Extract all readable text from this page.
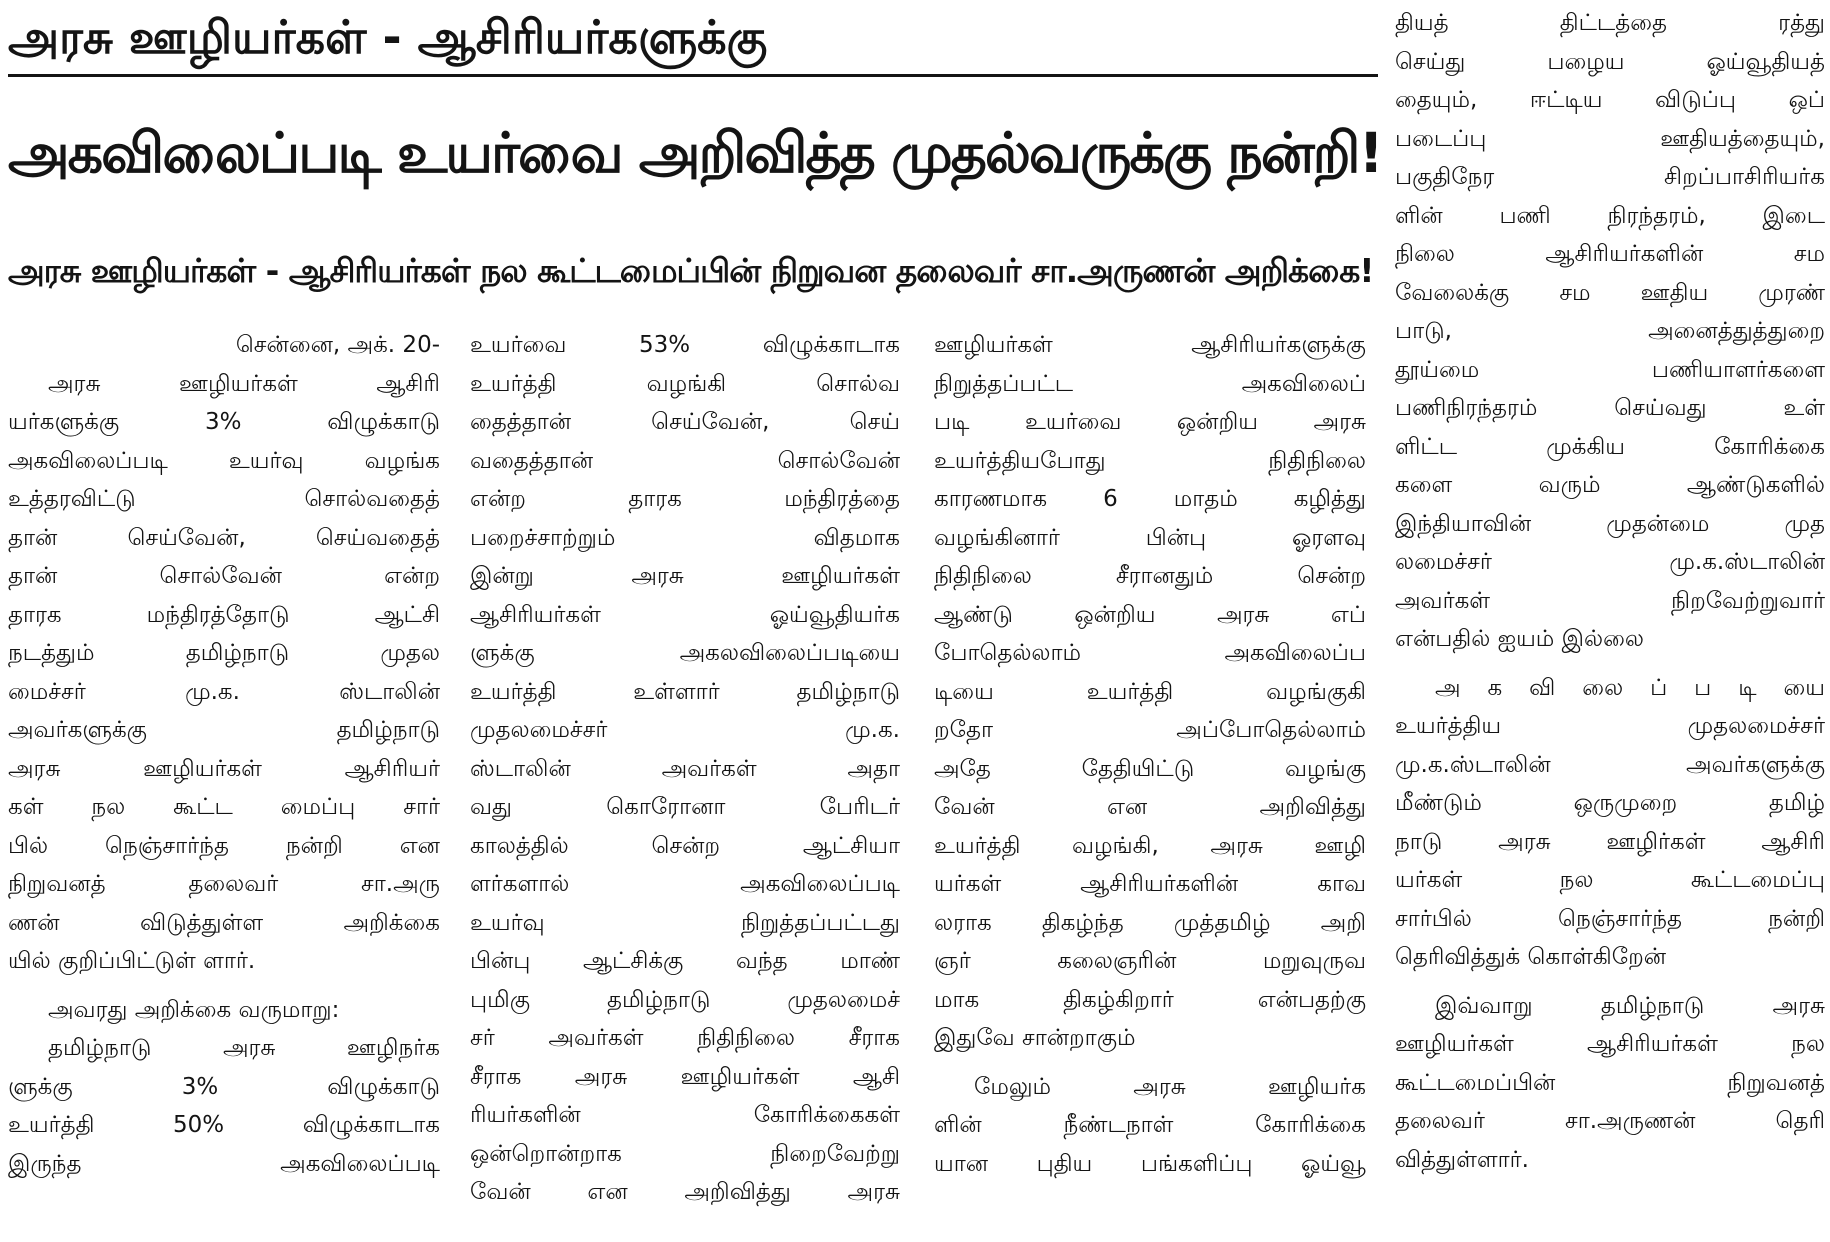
அரசு ஊழியர்கள் - ஆசிரியர்களுக்கு
அகவிலைப்படி உயர்வை அறிவித்த முதல்வருக்கு நன்றி!
அரசு ஊழியர்கள் - ஆசிரியர்கள் நல கூட்டமைப்பின் நிறுவன தலைவர் சா.அருணன் அறிக்கை!
சென்னை, அக். 20-
அரசு ஊழியர்கள் ஆசிரி
யர்களுக்கு 3% விழுக்காடு
அகவிலைப்படி உயர்வு வழங்க
உத்தரவிட்டு சொல்வதைத்
தான் செய்வேன், செய்வதைத்
தான் சொல்வேன் என்ற
தாரக மந்திரத்தோடு ஆட்சி
நடத்தும் தமிழ்நாடு முதல
மைச்சர் மு.க. ஸ்டாலின்
அவர்களுக்கு தமிழ்நாடு
அரசு ஊழியர்கள் ஆசிரியர்
கள் நல கூட்ட மைப்பு சார்
பில் நெஞ்சார்ந்த நன்றி என
நிறுவனத் தலைவர் சா.அரு
ணன் விடுத்துள்ள அறிக்கை
யில் குறிப்பிட்டுள் ளார்.
அவரது அறிக்கை வருமாறு:
தமிழ்நாடு அரசு ஊழிநர்க
ளுக்கு 3% விழுக்காடு
உயர்த்தி 50% விழுக்காடாக
இருந்த அகவிலைப்படி
உயர்வை 53% விழுக்காடாக
உயர்த்தி வழங்கி சொல்வ
தைத்தான் செய்வேன், செய்
வதைத்தான் சொல்வேன்
என்ற தாரக மந்திரத்தை
பறைச்சாற்றும் விதமாக
இன்று அரசு ஊழியர்கள்
ஆசிரியர்கள் ஓய்வூதியர்க
ளுக்கு அகலவிலைப்படியை
உயர்த்தி உள்ளார் தமிழ்நாடு
முதலமைச்சர் மு.க.
ஸ்டாலின் அவர்கள் அதா
வது கொரோனா பேரிடர்
காலத்தில் சென்ற ஆட்சியா
ளர்களால் அகவிலைப்படி
உயர்வு நிறுத்தப்பட்டது
பின்பு ஆட்சிக்கு வந்த மாண்
புமிகு தமிழ்நாடு முதலமைச்
சர் அவர்கள் நிதிநிலை சீராக
சீராக அரசு ஊழியர்கள் ஆசி
ரியர்களின் கோரிக்கைகள்
ஒன்றொன்றாக நிறைவேற்று
வேன் என அறிவித்து அரசு
ஊழியர்கள் ஆசிரியர்களுக்கு
நிறுத்தப்பட்ட அகவிலைப்
படி உயர்வை ஒன்றிய அரசு
உயர்த்தியபோது நிதிநிலை
காரணமாக 6 மாதம் கழித்து
வழங்கினார் பின்பு ஓரளவு
நிதிநிலை சீரானதும் சென்ற
ஆண்டு ஒன்றிய அரசு எப்
போதெல்லாம் அகவிலைப்ப
டியை உயர்த்தி வழங்குகி
றதோ அப்போதெல்லாம்
அதே தேதியிட்டு வழங்கு
வேன் என அறிவித்து
உயர்த்தி வழங்கி, அரசு ஊழி
யர்கள் ஆசிரியர்களின் காவ
லராக திகழ்ந்த முத்தமிழ் அறி
ஞர் கலைஞரின் மறுவுருவ
மாக திகழ்கிறார் என்பதற்கு
இதுவே சான்றாகும்
மேலும் அரசு ஊழியர்க
ளின் நீண்டநாள் கோரிக்கை
யான புதிய பங்களிப்பு ஓய்வூ
தியத் திட்டத்தை ரத்து
செய்து பழைய ஓய்வூதியத்
தையும், ஈட்டிய விடுப்பு ஒப்
படைப்பு ஊதியத்தையும்,
பகுதிநேர சிறப்பாசிரியர்க
ளின் பணி நிரந்தரம், இடை
நிலை ஆசிரியர்களின் சம
வேலைக்கு சம ஊதிய முரண்
பாடு, அனைத்துத்துறை
தூய்மை பணியாளர்களை
பணிநிரந்தரம் செய்வது உள்
ளிட்ட முக்கிய கோரிக்கை
களை வரும் ஆண்டுகளில்
இந்தியாவின் முதன்மை முத
லமைச்சர் மு.க.ஸ்டாலின்
அவர்கள் நிறவேற்றுவார்
என்பதில் ஐயம் இல்லை
அ க வி லை ப் ப டி யை
உயர்த்திய முதலமைச்சர்
மு.க.ஸ்டாலின் அவர்களுக்கு
மீண்டும் ஒருமுறை தமிழ்
நாடு அரசு ஊழிர்கள் ஆசிரி
யர்கள் நல கூட்டமைப்பு
சார்பில் நெஞ்சார்ந்த நன்றி
தெரிவித்துக் கொள்கிறேன்
இவ்வாறு தமிழ்நாடு அரசு
ஊழியர்கள் ஆசிரியர்கள் நல
கூட்டமைப்பின் நிறுவனத்
தலைவர் சா.அருணன் தெரி
வித்துள்ளார்.
